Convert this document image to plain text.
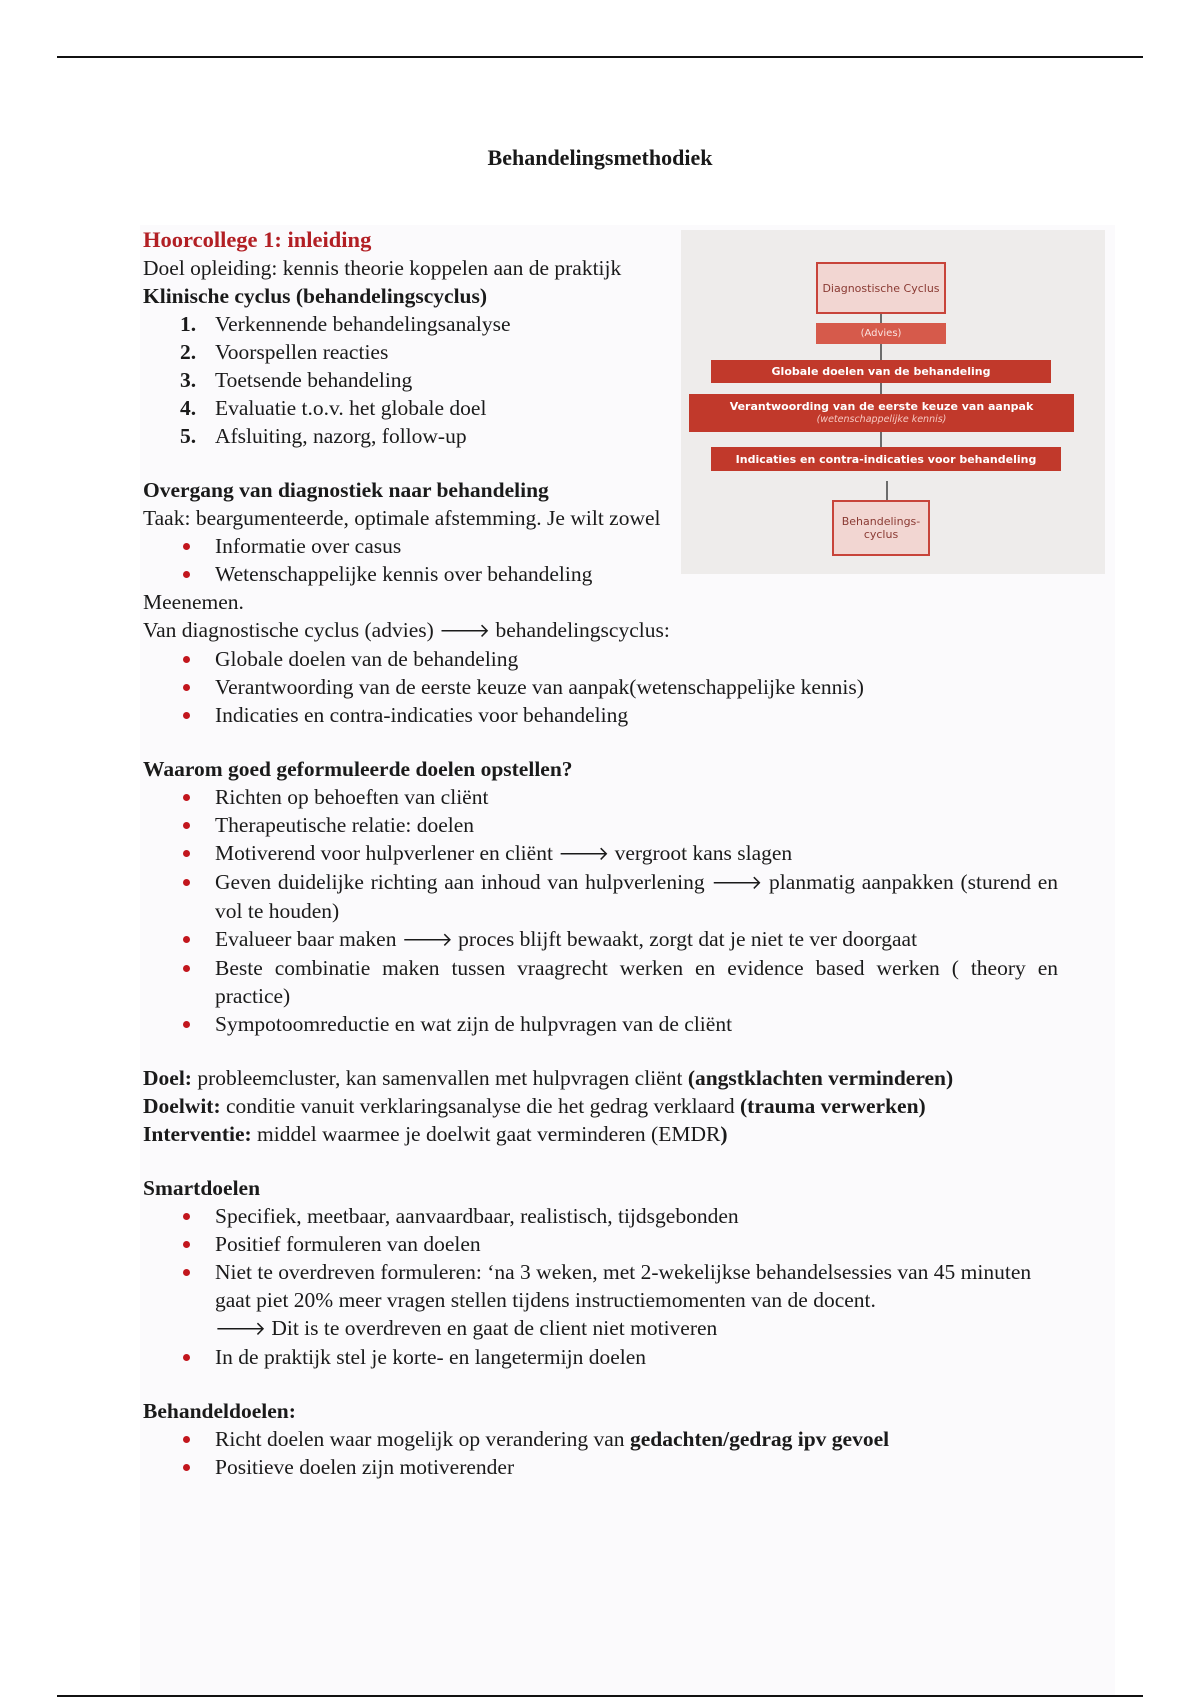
Behandelingsmethodiek
Diagnostische Cyclus
(Advies)
Globale doelen van de behandeling
Verantwoording van de eerste keuze van aanpak
(wetenschappelijke kennis)
Indicaties en contra-indicaties voor behandeling
Behandelings-cyclus
Hoorcollege 1: inleiding
Doel opleiding: kennis theorie koppelen aan de praktijk
Klinische cyclus (behandelingscyclus)
1. Verkennende behandelingsanalyse
2. Voorspellen reacties
3. Toetsende behandeling
4. Evaluatie t.o.v. het globale doel
5. Afsluiting, nazorg, follow-up
Overgang van diagnostiek naar behandeling
Taak: beargumenteerde, optimale afstemming. Je wilt zowel
Informatie over casus
Wetenschappelijke kennis over behandeling
Meenemen.
Van diagnostische cyclus (advies) 🡒 behandelingscyclus:
Globale doelen van de behandeling
Verantwoording van de eerste keuze van aanpak(wetenschappelijke kennis)
Indicaties en contra-indicaties voor behandeling
Waarom goed geformuleerde doelen opstellen?
Richten op behoeften van cliënt
Therapeutische relatie: doelen
Motiverend voor hulpverlener en cliënt 🡒 vergroot kans slagen
Geven duidelijke richting aan inhoud van hulpverlening 🡒 planmatig aanpakken (sturend en vol te houden)
Evalueer baar maken 🡒 proces blijft bewaakt, zorgt dat je niet te ver doorgaat
Beste combinatie maken tussen vraagrecht werken en evidence based werken ( theory en practice)
Sympotoomreductie en wat zijn de hulpvragen van de cliënt
Doel: probleemcluster, kan samenvallen met hulpvragen cliënt (angstklachten verminderen)
Doelwit: conditie vanuit verklaringsanalyse die het gedrag verklaard (trauma verwerken)
Interventie: middel waarmee je doelwit gaat verminderen (EMDR)
Smartdoelen
Specifiek, meetbaar, aanvaardbaar, realistisch, tijdsgebonden
Positief formuleren van doelen
Niet te overdreven formuleren: ‘na 3 weken, met 2-wekelijkse behandelsessies van 45 minuten gaat piet 20% meer vragen stellen tijdens instructiemomenten van de docent.
🡒 Dit is te overdreven en gaat de client niet motiveren
In de praktijk stel je korte- en langetermijn doelen
Behandeldoelen:
Richt doelen waar mogelijk op verandering van gedachten/gedrag ipv gevoel
Positieve doelen zijn motiverender
